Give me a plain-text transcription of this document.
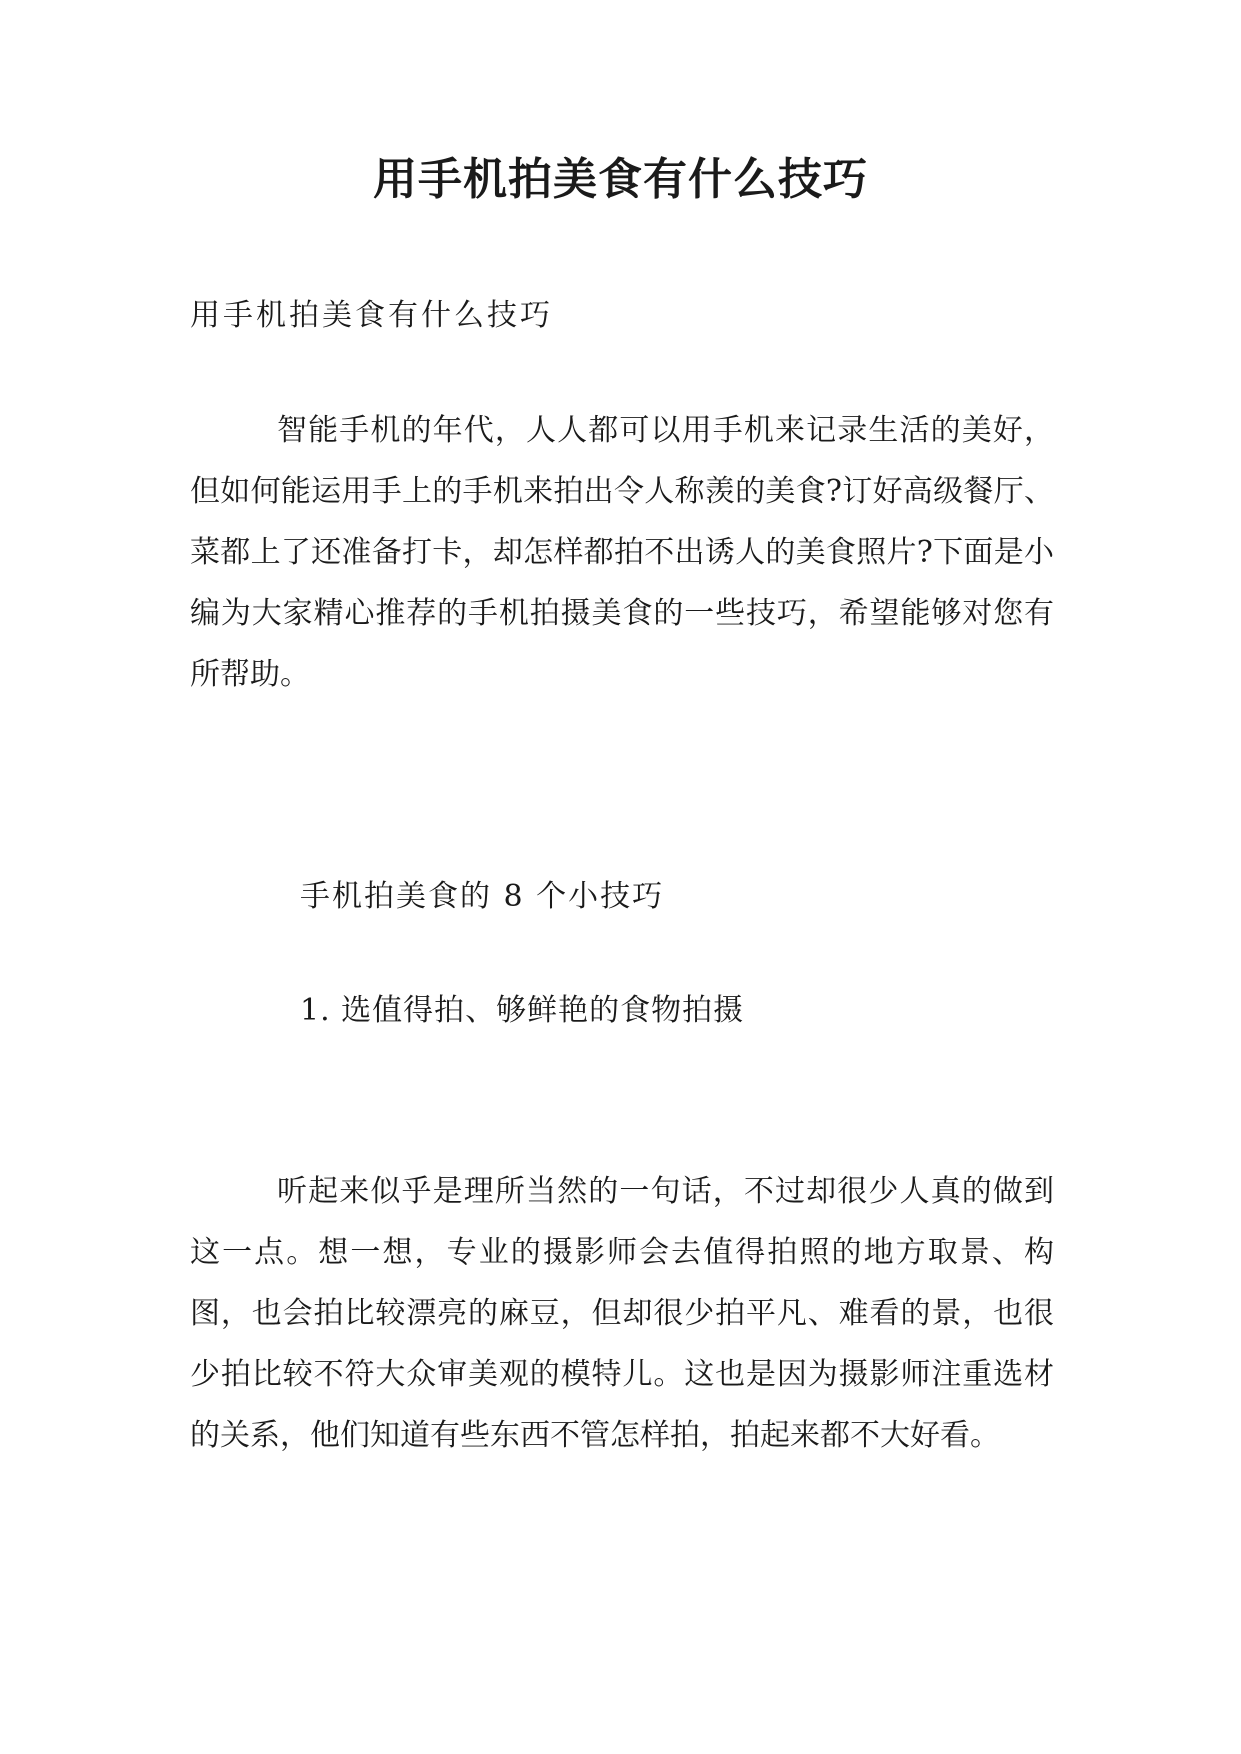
用手机拍美食有什么技巧
用手机拍美食有什么技巧
智能手机的年代，人人都可以用手机来记录生活的美好，但如何能运用手上的手机来拍出令人称羡的美食?订好高级餐厅、菜都上了还准备打卡，却怎样都拍不出诱人的美食照片?下面是小编为大家精心推荐的手机拍摄美食的一些技巧，希望能够对您有所帮助。
手机拍美食的 8 个小技巧
1. 选值得拍、够鲜艳的食物拍摄
听起来似乎是理所当然的一句话，不过却很少人真的做到这一点。想一想，专业的摄影师会去值得拍照的地方取景、构图，也会拍比较漂亮的麻豆，但却很少拍平凡、难看的景，也很少拍比较不符大众审美观的模特儿。这也是因为摄影师注重选材的关系，他们知道有些东西不管怎样拍，拍起来都不大好看。
